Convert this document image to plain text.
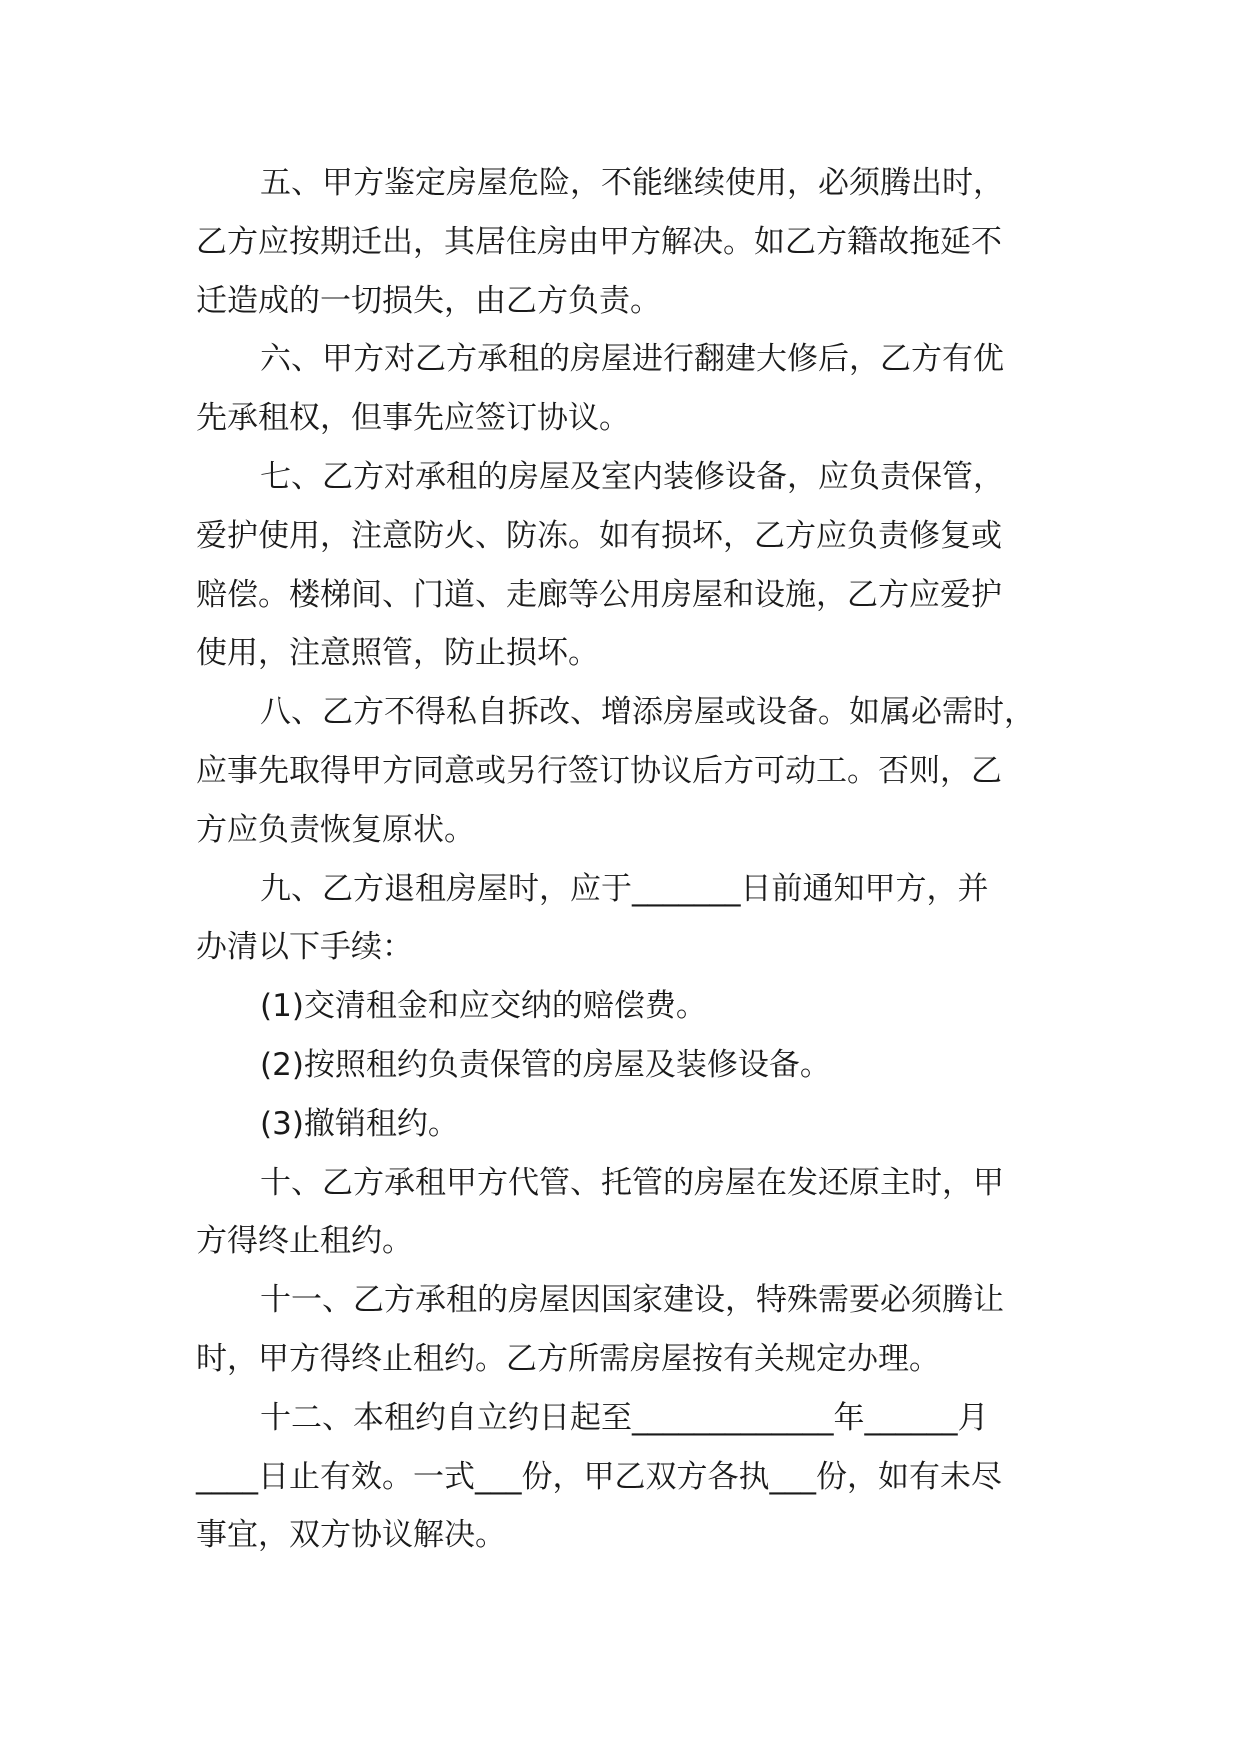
五、甲方鉴定房屋危险，不能继续使用，必须腾出时，
乙方应按期迁出，其居住房由甲方解决。如乙方籍故拖延不
迁造成的一切损失，由乙方负责。
六、甲方对乙方承租的房屋进行翻建大修后，乙方有优
先承租权，但事先应签订协议。
七、乙方对承租的房屋及室内装修设备，应负责保管，
爱护使用，注意防火、防冻。如有损坏，乙方应负责修复或
赔偿。楼梯间、门道、走廊等公用房屋和设施，乙方应爱护
使用，注意照管，防止损坏。
八、乙方不得私自拆改、增添房屋或设备。如属必需时，
应事先取得甲方同意或另行签订协议后方可动工。否则，乙
方应负责恢复原状。
九、乙方退租房屋时，应于_______日前通知甲方，并
办清以下手续：
(1)交清租金和应交纳的赔偿费。
(2)按照租约负责保管的房屋及装修设备。
(3)撤销租约。
十、乙方承租甲方代管、托管的房屋在发还原主时，甲
方得终止租约。
十一、乙方承租的房屋因国家建设，特殊需要必须腾让
时，甲方得终止租约。乙方所需房屋按有关规定办理。
十二、本租约自立约日起至_____________年______月
____日止有效。一式___份，甲乙双方各执___份，如有未尽
事宜，双方协议解决。
